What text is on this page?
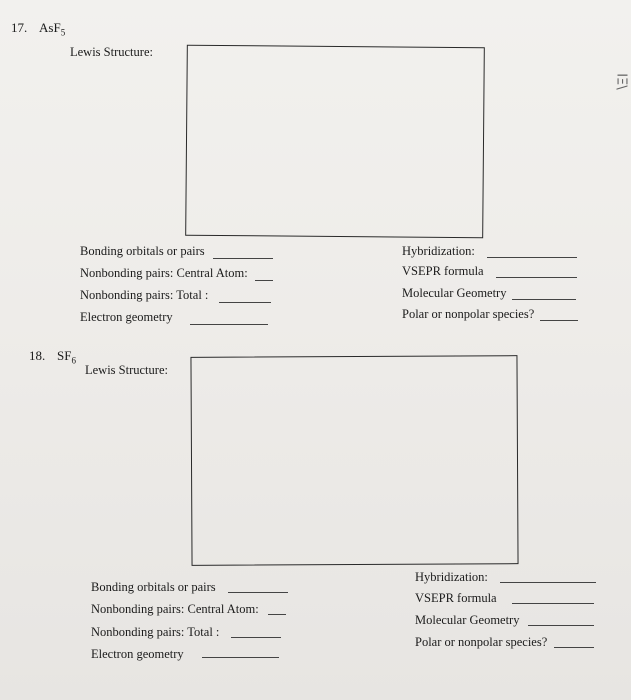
17. AsF$_5$
Lewis Structure:
Bonding orbitals or pairs
Nonbonding pairs: Central Atom:
Nonbonding pairs: Total :
Electron geometry
Hybridization:
VSEPR formula
Molecular Geometry
Polar or nonpolar species?
18. $SF_6$
Lewis Structure:
Bonding orbitals or pairs
Nonbonding pairs: Central Atom:
Nonbonding pairs: Total :
Electron geometry
Hybridization:
VSEPR formula
Molecular Geometry
Polar or nonpolar species?
ΙΞ\
